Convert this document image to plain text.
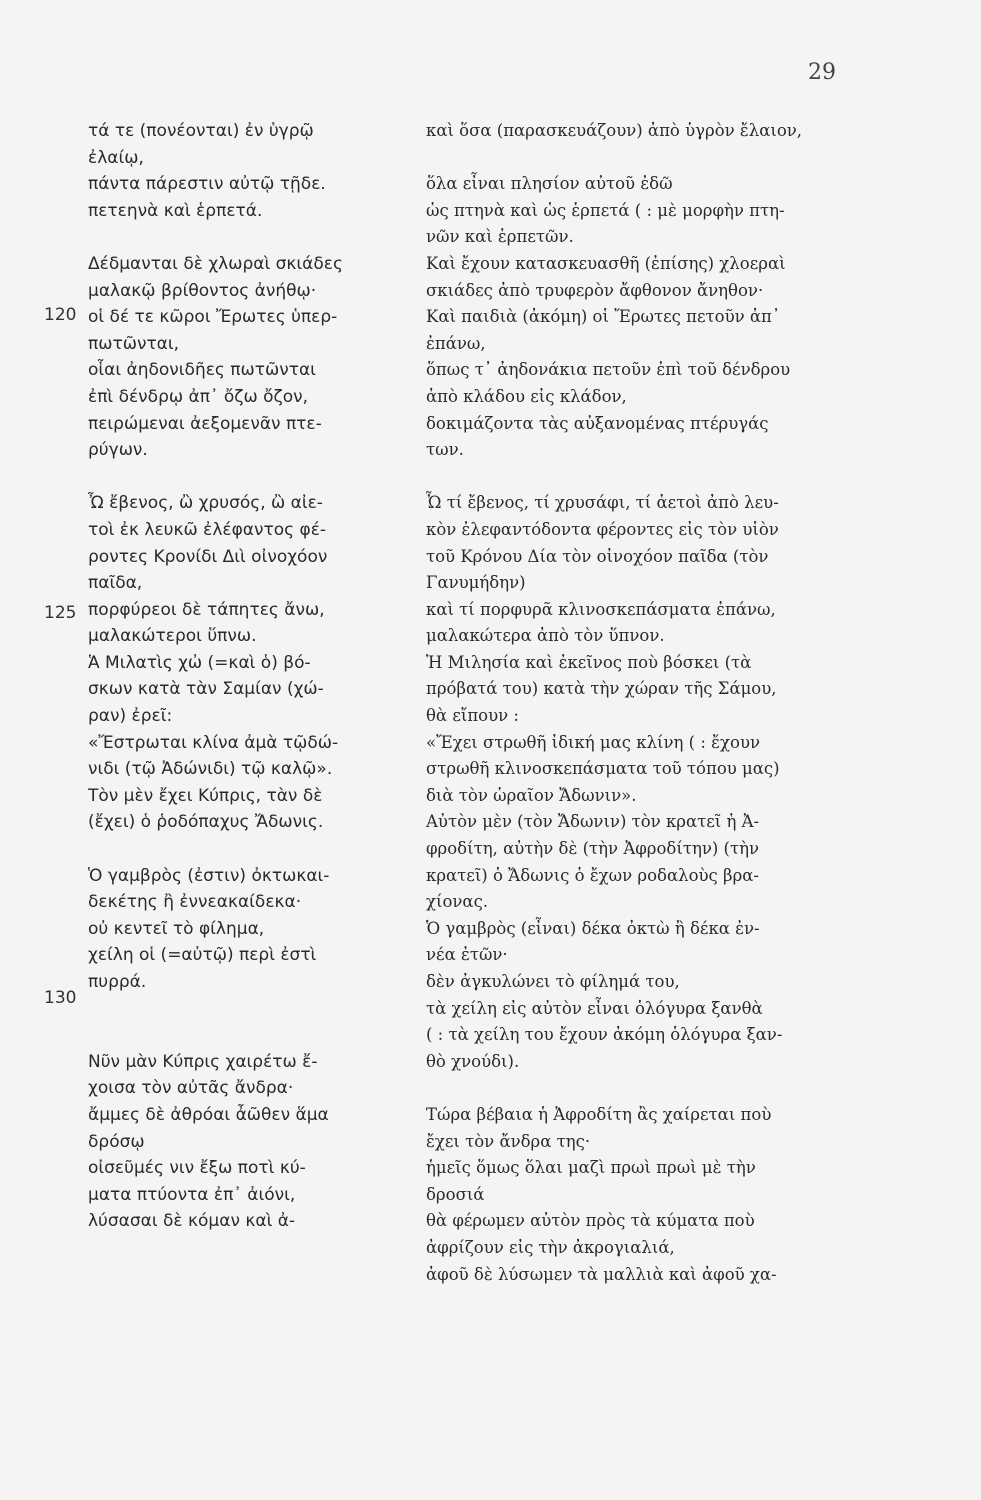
29
120
125
130
τά τε (πονέονται) ἐν ὑγρῷ
ἐλαίῳ,
πάντα πάρεστιν αὐτῷ τῇδε.
πετεηνὰ καὶ ἑρπετά.
Δέδμανται δὲ χλωραὶ σκιάδες
μαλακῷ βρίθοντος ἀνήθῳ·
οἱ δέ τε κῶροι Ἔρωτες ὑπερ-
πωτῶνται,
οἷαι ἀηδονιδῆες πωτῶνται
ἐπὶ δένδρῳ ἀπ᾽ ὄζω ὄζον,
πειρώμεναι ἀεξομενᾶν πτε-
ρύγων.
Ὦ ἔβενος, ὢ χρυσός, ὢ αἰε-
τοὶ ἐκ λευκῶ ἐλέφαντος φέ-
ροντες Κρονίδι Διὶ οἰνοχόον
παῖδα,
πορφύρεοι δὲ τάπητες ἄνω,
μαλακώτεροι ὕπνω.
Ἁ Μιλατὶς χὠ (=καὶ ὁ) βό-
σκων κατὰ τὰν Σαμίαν (χώ-
ραν) ἐρεῖ:
«Ἔστρωται κλίνα ἀμὰ τῷδώ-
νιδι (τῷ Ἀδώνιδι) τῷ καλῷ».
Τὸν μὲν ἔχει Κύπρις, τὰν δὲ
(ἔχει) ὁ ῥοδόπαχυς Ἄδωνις.
Ὁ γαμβρὸς (ἐστιν) ὀκτωκαι-
δεκέτης ἢ ἐννεακαίδεκα·
οὐ κεντεῖ τὸ φίλημα,
χείλη οἱ (=αὐτῷ) περὶ ἐστὶ
πυρρά.
Νῦν μὰν Κύπρις χαιρέτω ἔ-
χοισα τὸν αὐτᾶς ἄνδρα·
ἄμμες δὲ ἀθρόαι ἆῶθεν ἅμα
δρόσῳ
οἰσεῦμές νιν ἔξω ποτὶ κύ-
ματα πτύοντα ἐπ᾽ ἀιόνι,
λύσασαι δὲ κόμαν καὶ ἀ-
καὶ ὅσα (παρασκευάζουν) ἀπὸ ὑγρὸν ἔλαιον,
ὅλα εἶναι πλησίον αὐτοῦ ἐδῶ
ὡς πτηνὰ καὶ ὡς ἑρπετά ( : μὲ μορφὴν πτη-
νῶν καὶ ἑρπετῶν.
Καὶ ἔχουν κατασκευασθῆ (ἐπίσης) χλοεραὶ
σκιάδες ἀπὸ τρυφερὸν ἄφθονον ἄνηθον·
Καὶ παιδιὰ (ἀκόμη) οἱ Ἔρωτες πετοῦν ἀπ᾽
ἐπάνω,
ὅπως τ᾽ ἀηδονάκια πετοῦν ἐπὶ τοῦ δένδρου
ἀπὸ κλάδου εἰς κλάδον,
δοκιμάζοντα τὰς αὐξανομένας πτέρυγάς
των.
Ὦ τί ἔβενος, τί χρυσάφι, τί ἀετοὶ ἀπὸ λευ-
κὸν ἐλεφαντόδοντα φέροντες εἰς τὸν υἱὸν
τοῦ Κρόνου Δία τὸν οἰνοχόον παῖδα (τὸν
Γανυμήδην)
καὶ τί πορφυρᾶ κλινοσκεπάσματα ἐπάνω,
μαλακώτερα ἀπὸ τὸν ὕπνον.
Ἡ Μιλησία καὶ ἐκεῖνος ποὺ βόσκει (τὰ
πρόβατά του) κατὰ τὴν χώραν τῆς Σάμου,
θὰ εἴπουν :
«Ἔχει στρωθῆ ἰδική μας κλίνη ( : ἔχουν
στρωθῆ κλινοσκεπάσματα τοῦ τόπου μας)
διὰ τὸν ὡραῖον Ἄδωνιν».
Αὐτὸν μὲν (τὸν Ἄδωνιν) τὸν κρατεῖ ἡ Ἀ-
φροδίτη, αὐτὴν δὲ (τὴν Ἀφροδίτην) (τὴν
κρατεῖ) ὁ Ἄδωνις ὁ ἔχων ροδαλοὺς βρα-
χίονας.
Ὁ γαμβρὸς (εἶναι) δέκα ὀκτὼ ἢ δέκα ἐν-
νέα ἐτῶν·
δὲν ἀγκυλώνει τὸ φίλημά του,
τὰ χείλη εἰς αὐτὸν εἶναι ὁλόγυρα ξανθὰ
( : τὰ χείλη του ἔχουν ἀκόμη ὁλόγυρα ξαν-
θὸ χνούδι).
Τώρα βέβαια ἡ Ἀφροδίτη ἂς χαίρεται ποὺ
ἔχει τὸν ἄνδρα της·
ἡμεῖς ὅμως ὅλαι μαζὶ πρωὶ πρωὶ μὲ τὴν
δροσιά
θὰ φέρωμεν αὐτὸν πρὸς τὰ κύματα ποὺ
ἀφρίζουν εἰς τὴν ἀκρογιαλιά,
ἀφοῦ δὲ λύσωμεν τὰ μαλλιὰ καὶ ἀφοῦ χα-
